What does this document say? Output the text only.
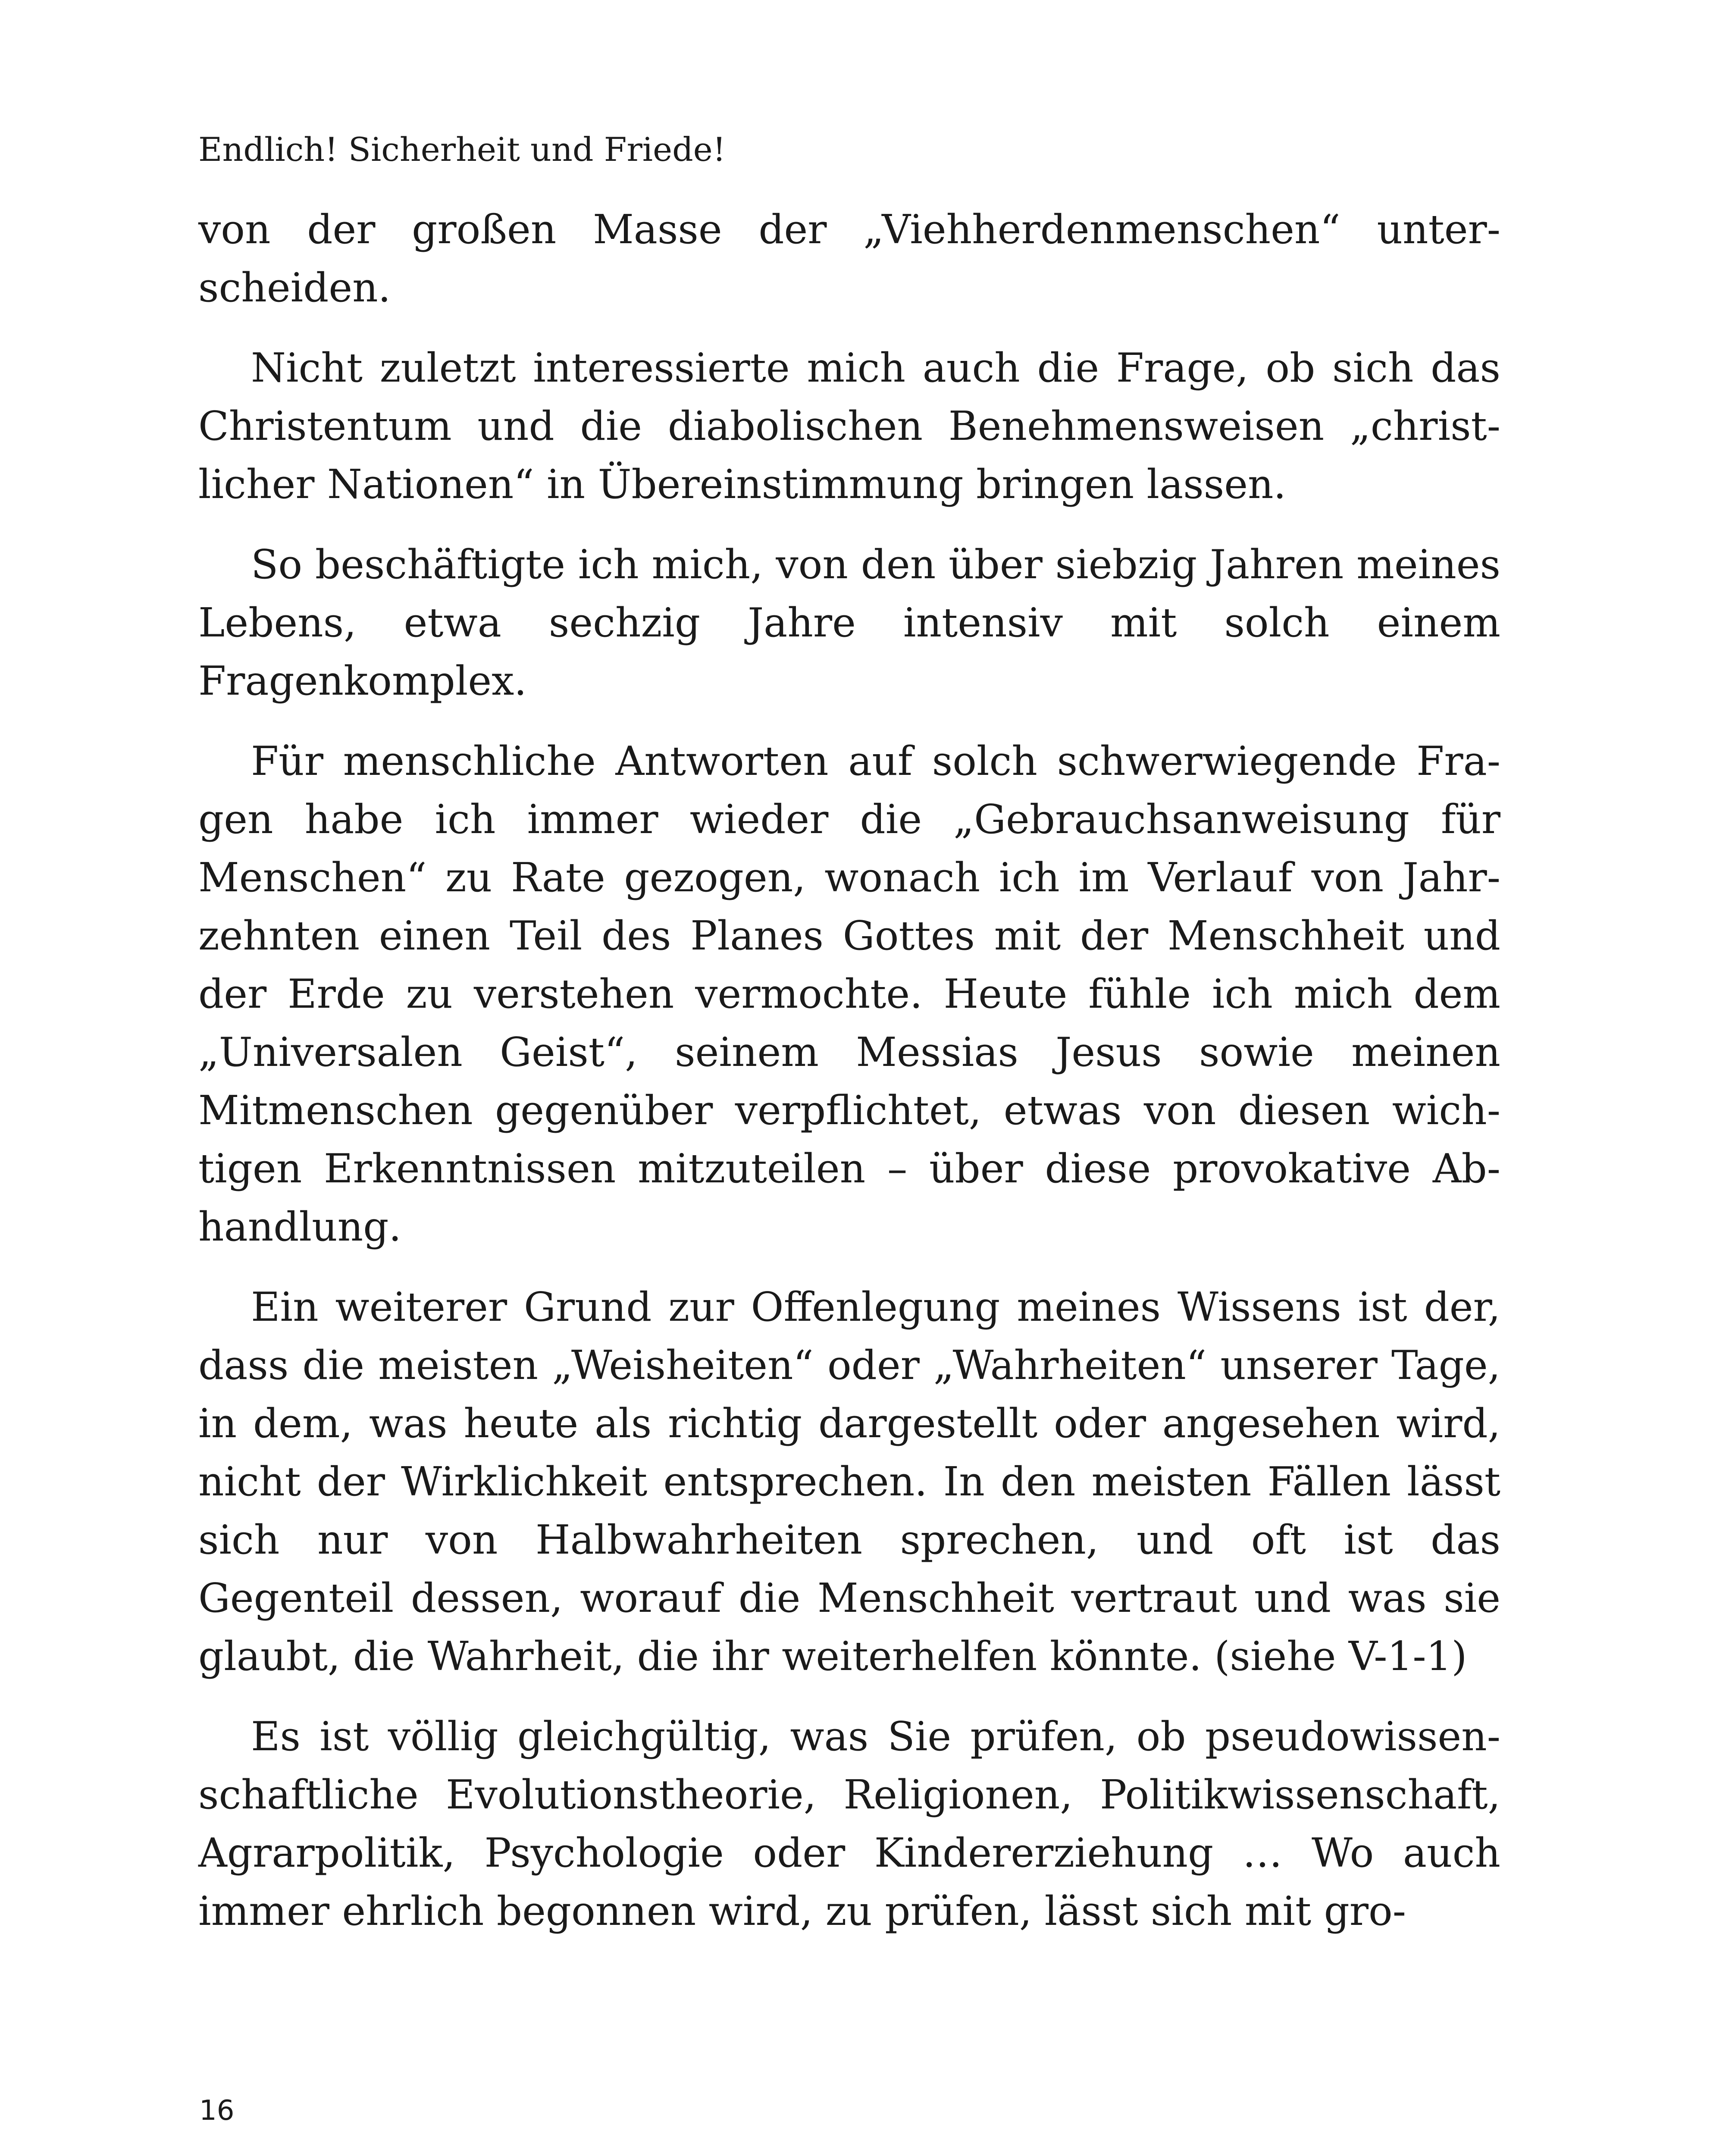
Endlich! Sicherheit und Friede!

von der großen Masse der „Viehherdenmenschen“ unterscheiden.

Nicht zuletzt interessierte mich auch die Frage, ob sich das Christentum und die diabolischen Benehmensweisen „christlicher Nationen“ in Übereinstimmung bringen lassen.

So beschäftigte ich mich, von den über siebzig Jahren meines Lebens, etwa sechzig Jahre intensiv mit solch einem Fragenkomplex.

Für menschliche Antworten auf solch schwerwiegende Fragen habe ich immer wieder die „Gebrauchsanweisung für Menschen“ zu Rate gezogen, wonach ich im Verlauf von Jahrzehnten einen Teil des Planes Gottes mit der Menschheit und der Erde zu verstehen vermochte. Heute fühle ich mich dem „Universalen Geist“, seinem Messias Jesus sowie meinen Mitmenschen gegenüber verpflichtet, etwas von diesen wichtigen Erkenntnissen mitzuteilen – über diese provokative Abhandlung.

Ein weiterer Grund zur Offenlegung meines Wissens ist der, dass die meisten „Weisheiten“ oder „Wahrheiten“ unserer Tage, in dem, was heute als richtig dargestellt oder angesehen wird, nicht der Wirklichkeit entsprechen. In den meisten Fällen lässt sich nur von Halbwahrheiten sprechen, und oft ist das Gegenteil dessen, worauf die Menschheit vertraut und was sie glaubt, die Wahrheit, die ihr weiterhelfen könnte. (siehe V-1-1)

Es ist völlig gleichgültig, was Sie prüfen, ob pseudowissenschaftliche Evolutionstheorie, Religionen, Politikwissenschaft, Agrarpolitik, Psychologie oder Kindererziehung … Wo auch immer ehrlich begonnen wird, zu prüfen, lässt sich mit gro-

16
